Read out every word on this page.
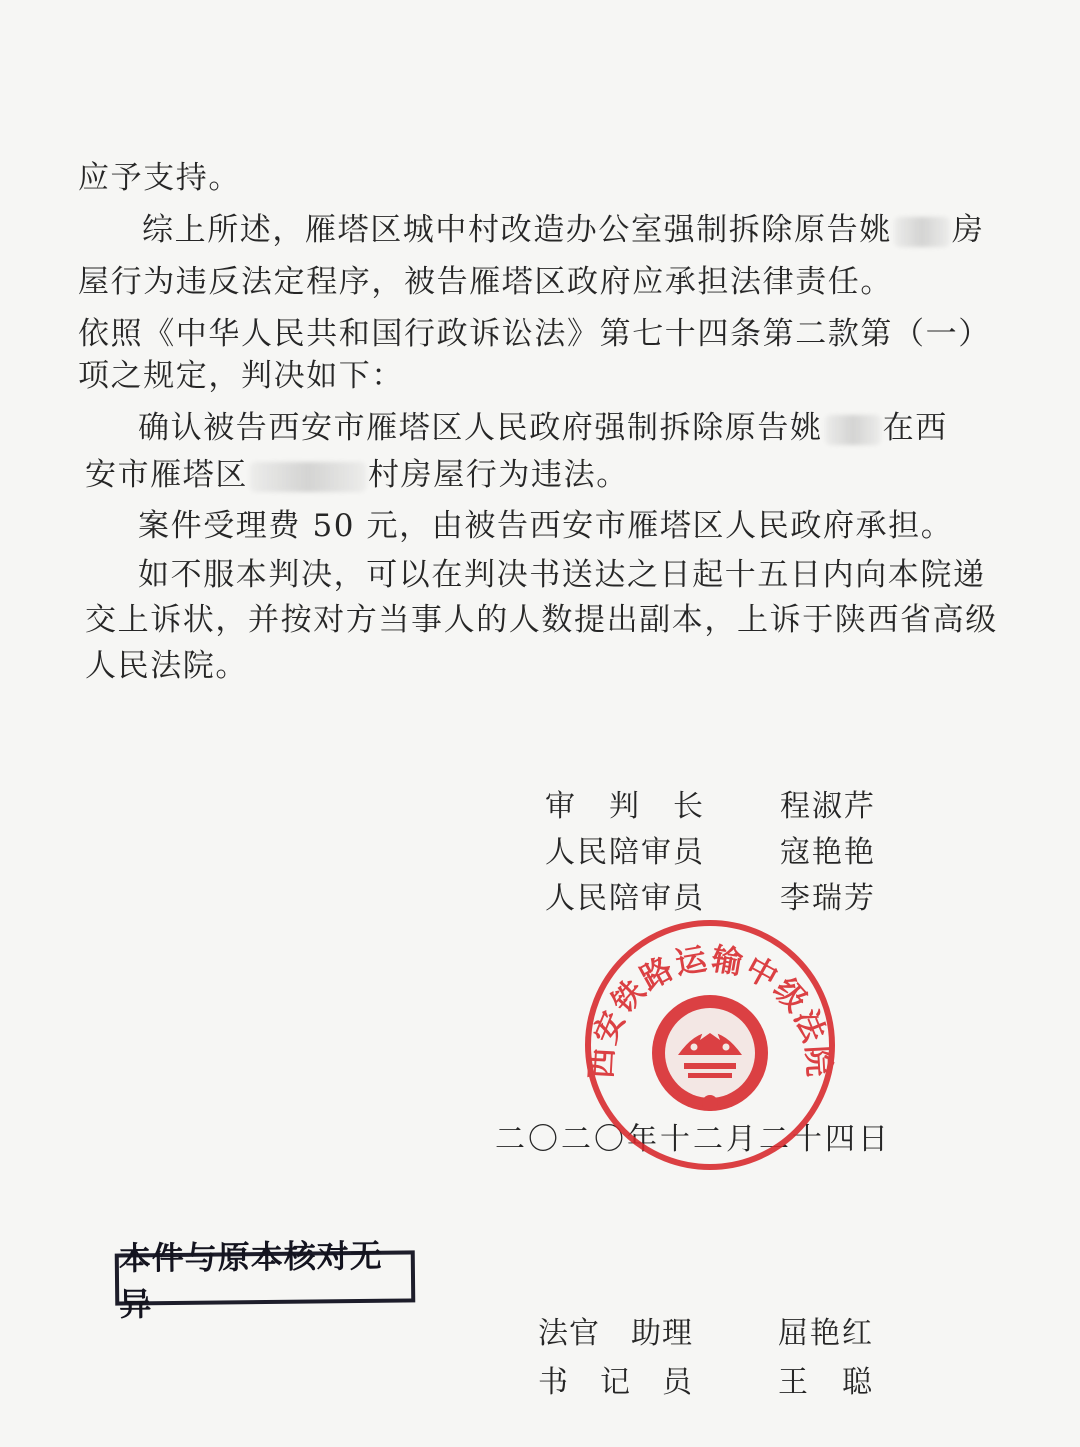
应予支持。
综上所述，雁塔区城中村改造办公室强制拆除原告姚 房
屋行为违反法定程序，被告雁塔区政府应承担法律责任。
依照《中华人民共和国行政诉讼法》第七十四条第二款第（一）
项之规定，判决如下：
确认被告西安市雁塔区人民政府强制拆除原告姚 在西
安市雁塔区	村房屋行为违法。
案件受理费 50 元，由被告西安市雁塔区人民政府承担。
如不服本判决，可以在判决书送达之日起十五日内向本院递
交上诉状，并按对方当事人的人数提出副本，上诉于陕西省高级
人民法院。
审　判　长	程淑芹
人民陪审员	寇艳艳
人民陪审员	李瑞芳
二〇二〇年十二月二十四日
西安铁路运输中级法院
本件与原本核对无异
法官　助理	屈艳红
书　记　员	王　聪
